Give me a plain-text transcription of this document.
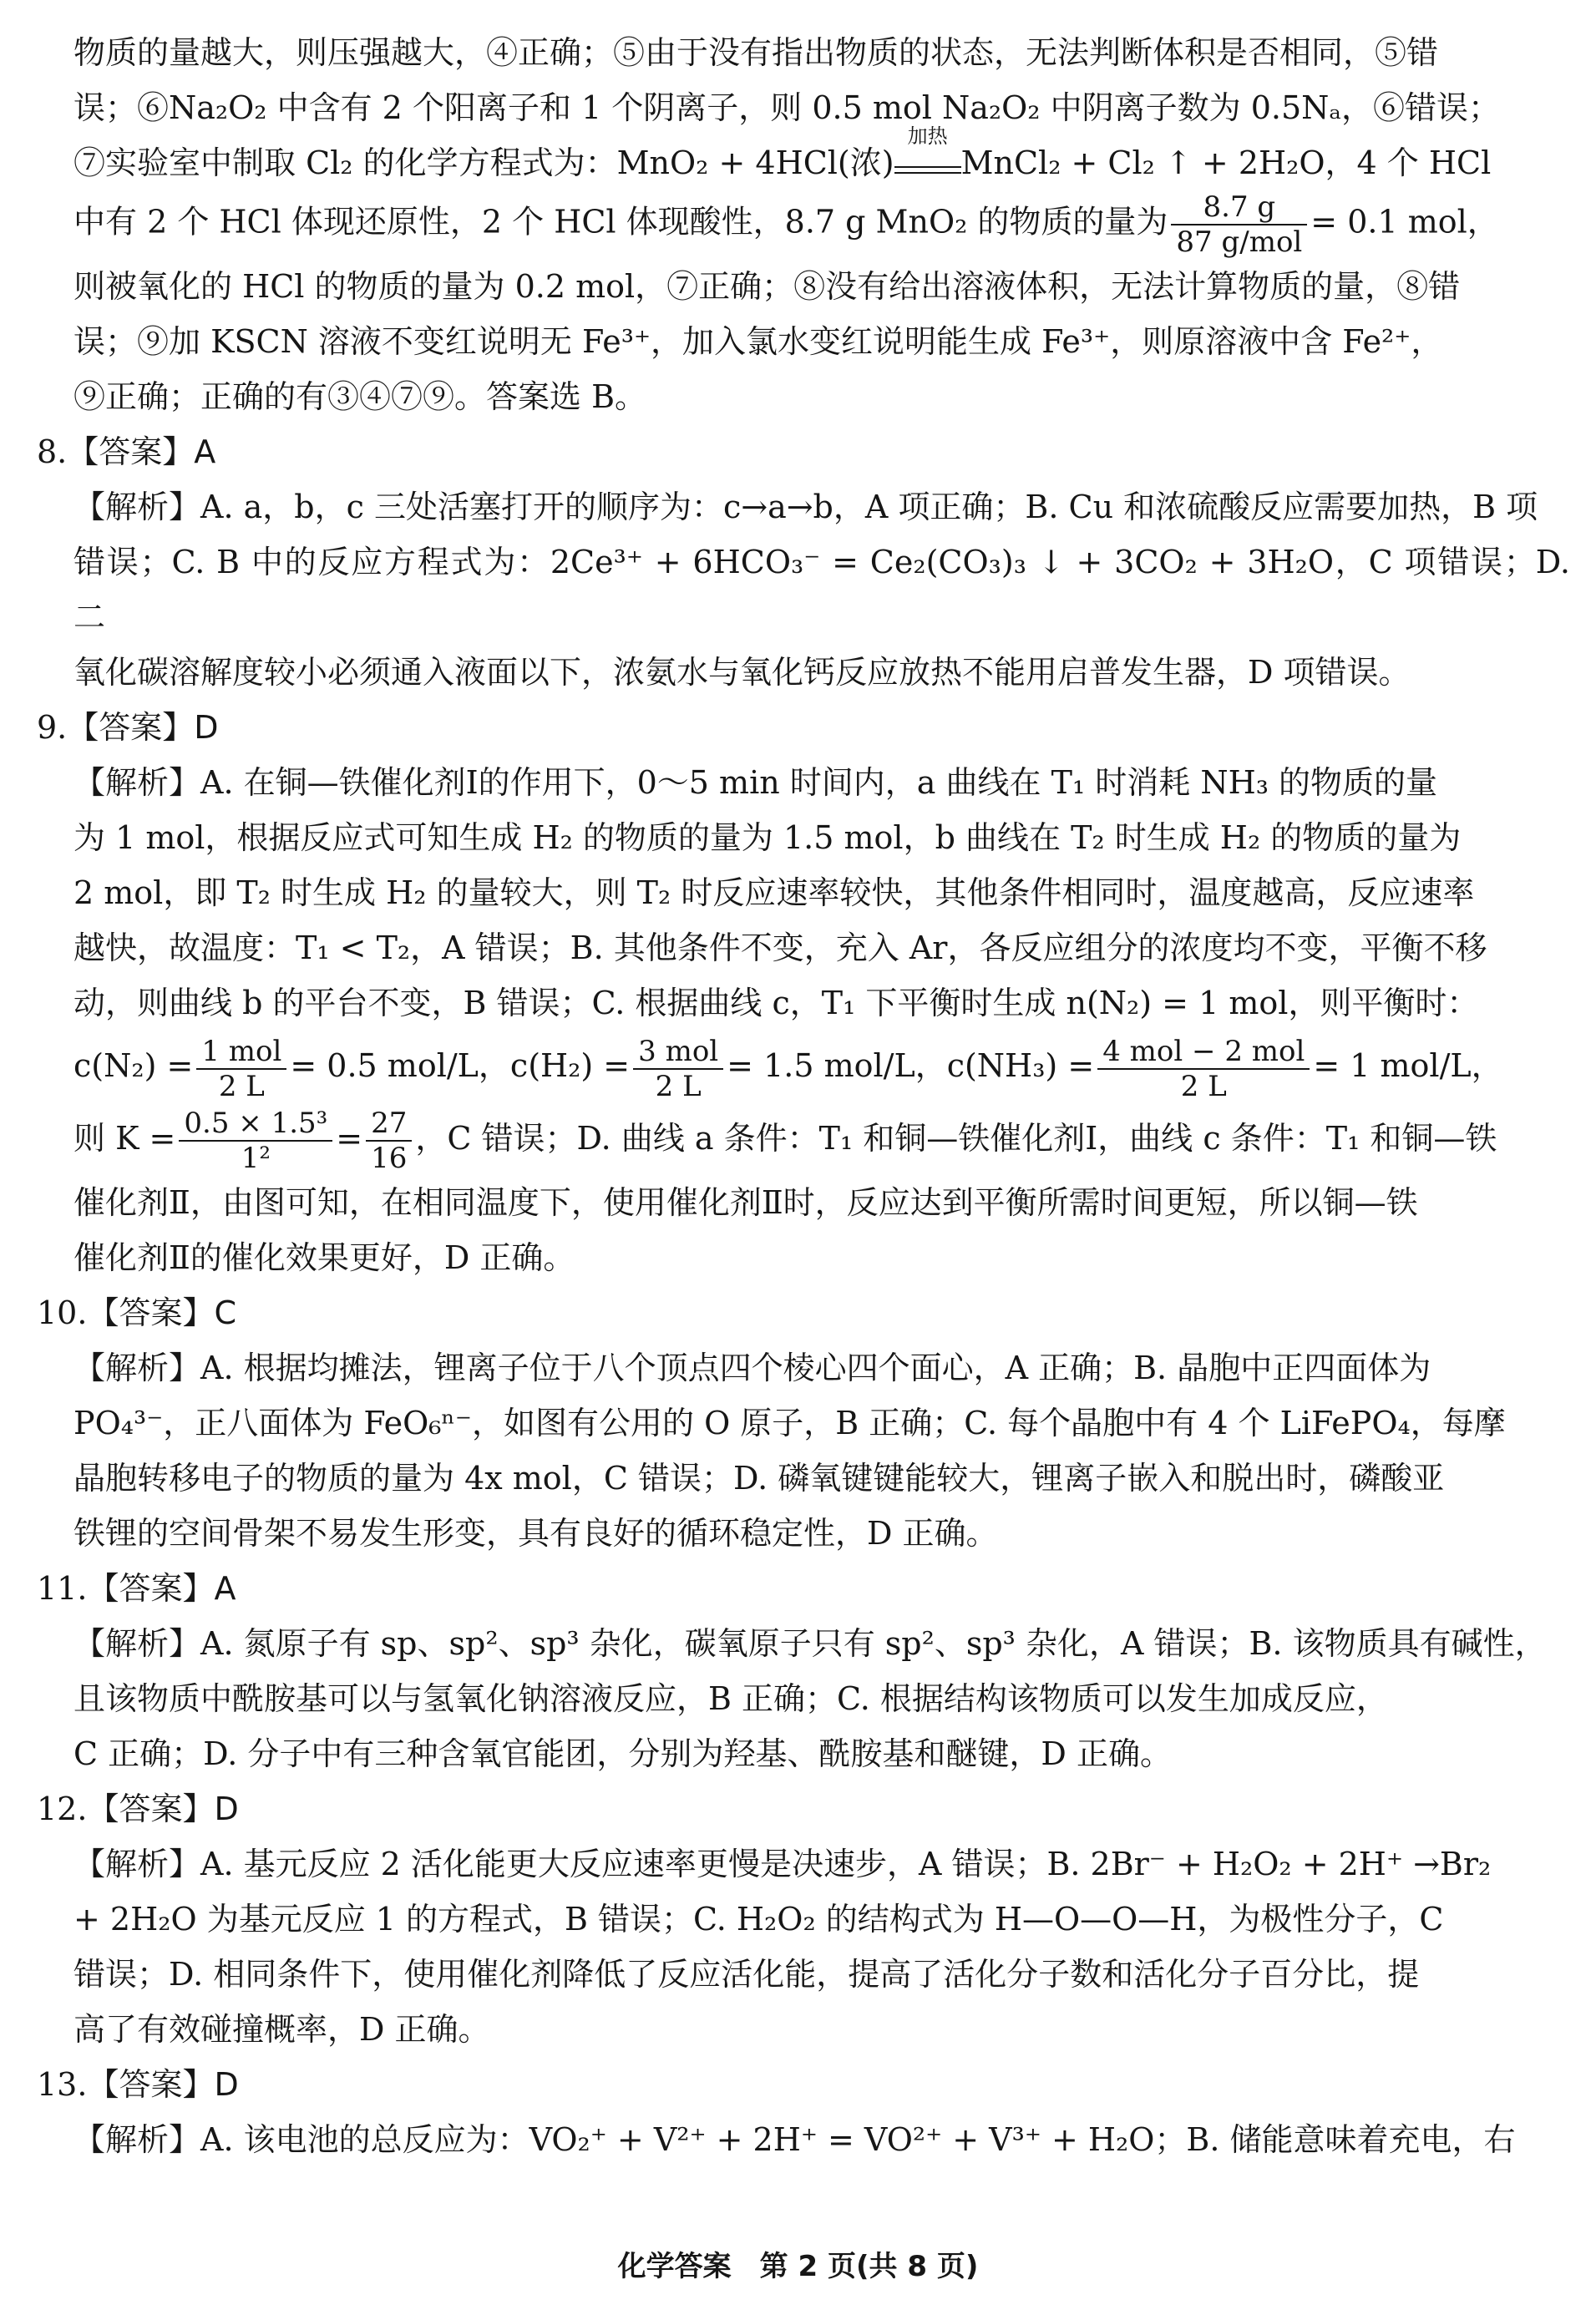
物质的量越大，则压强越大，④正确；⑤由于没有指出物质的状态，无法判断体积是否相同，⑤错

误；⑥Na₂O₂ 中含有 2 个阳离子和 1 个阴离子，则 0.5 mol Na₂O₂ 中阴离子数为 0.5Nₐ，⑥错误；

⑦实验室中制取 Cl₂ 的化学方程式为：MnO₂ + 4HCl(浓)
加热
MnCl₂ + Cl₂ ↑ + 2H₂O，4 个 HCl

中有 2 个 HCl 体现还原性，2 个 HCl 体现酸性，8.7 g MnO₂ 的物质的量为 $\frac{8.7 g}{\text{87 g/mol}} = 0.1$ mol，

则被氧化的 HCl 的物质的量为 0.2 mol，⑦正确；⑧没有给出溶液体积，无法计算物质的量，⑧错

误；⑨加 KSCN 溶液不变红说明无 Fe³⁺，加入氯水变红说明能生成 Fe³⁺，则原溶液中含 Fe²⁺，

⑨正确；正确的有③④⑦⑨。答案选 B。

8.【答案】A

【解析】A. a，b，c 三处活塞打开的顺序为：c→a→b，A 项正确；B. Cu 和浓硫酸反应需要加热，B 项

错误；C. B 中的反应方程式为：2Ce³⁺ + 6HCO₃⁻ = Ce₂(CO₃)₃ ↓ + 3CO₂ + 3H₂O，C 项错误；D. 二

氧化碳溶解度较小必须通入液面以下，浓氨水与氧化钙反应放热不能用启普发生器，D 项错误。

9.【答案】D

【解析】A. 在铜—铁催化剂Ⅰ的作用下，0～5 min 时间内，a 曲线在 T₁ 时消耗 NH₃ 的物质的量

为 1 mol，根据反应式可知生成 H₂ 的物质的量为 1.5 mol，b 曲线在 T₂ 时生成 H₂ 的物质的量为

2 mol，即 T₂ 时生成 H₂ 的量较大，则 T₂ 时反应速率较快，其他条件相同时，温度越高，反应速率

越快，故温度：T₁ < T₂，A 错误；B. 其他条件不变，充入 Ar，各反应组分的浓度均不变，平衡不移

动，则曲线 b 的平台不变，B 错误；C. 根据曲线 c，T₁ 下平衡时生成 n(N₂) = 1 mol，则平衡时：

$c(N_2) = \frac{\text{1 mol}}{2 L} = 0.5$ mol/L，$c(H_2) = \frac{\text{3 mol}}{2 L} = 1.5$ mol/L，$c(NH_3) = \frac{\text{4 mol − 2 mol}}{2 L} = 1$ mol/L，

则 $K = \frac{\text{0.5 × 1.5³}}{\text{1²}} = \frac{27}{16}$ ，C 错误；D. 曲线 a 条件：T₁ 和铜—铁催化剂Ⅰ，曲线 c 条件：T₁ 和铜—铁

催化剂Ⅱ，由图可知，在相同温度下，使用催化剂Ⅱ时，反应达到平衡所需时间更短，所以铜—铁

催化剂Ⅱ的催化效果更好，D 正确。

10.【答案】C

【解析】A. 根据均摊法，锂离子位于八个顶点四个棱心四个面心，A 正确；B. 晶胞中正四面体为

PO₄³⁻，正八面体为 FeO₆ⁿ⁻，如图有公用的 O 原子，B 正确；C. 每个晶胞中有 4 个 LiFePO₄，每摩

晶胞转移电子的物质的量为 4x mol，C 错误；D. 磷氧键键能较大，锂离子嵌入和脱出时，磷酸亚

铁锂的空间骨架不易发生形变，具有良好的循环稳定性，D 正确。

11.【答案】A

【解析】A. 氮原子有 sp、sp²、sp³ 杂化，碳氧原子只有 sp²、sp³ 杂化，A 错误；B. 该物质具有碱性，

且该物质中酰胺基可以与氢氧化钠溶液反应，B 正确；C. 根据结构该物质可以发生加成反应，

C 正确；D. 分子中有三种含氧官能团，分别为羟基、酰胺基和醚键，D 正确。

12.【答案】D

【解析】A. 基元反应 2 活化能更大反应速率更慢是决速步，A 错误；B. 2Br⁻ + H₂O₂ + 2H⁺ →Br₂

+ 2H₂O 为基元反应 1 的方程式，B 错误；C. H₂O₂ 的结构式为 H—O—O—H，为极性分子，C

错误；D. 相同条件下，使用催化剂降低了反应活化能，提高了活化分子数和活化分子百分比，提

高了有效碰撞概率，D 正确。

13.【答案】D

【解析】A. 该电池的总反应为：VO₂⁺ + V²⁺ + 2H⁺ = VO²⁺ + V³⁺ + H₂O；B. 储能意味着充电，右

化学答案　第 2 页(共 8 页)
